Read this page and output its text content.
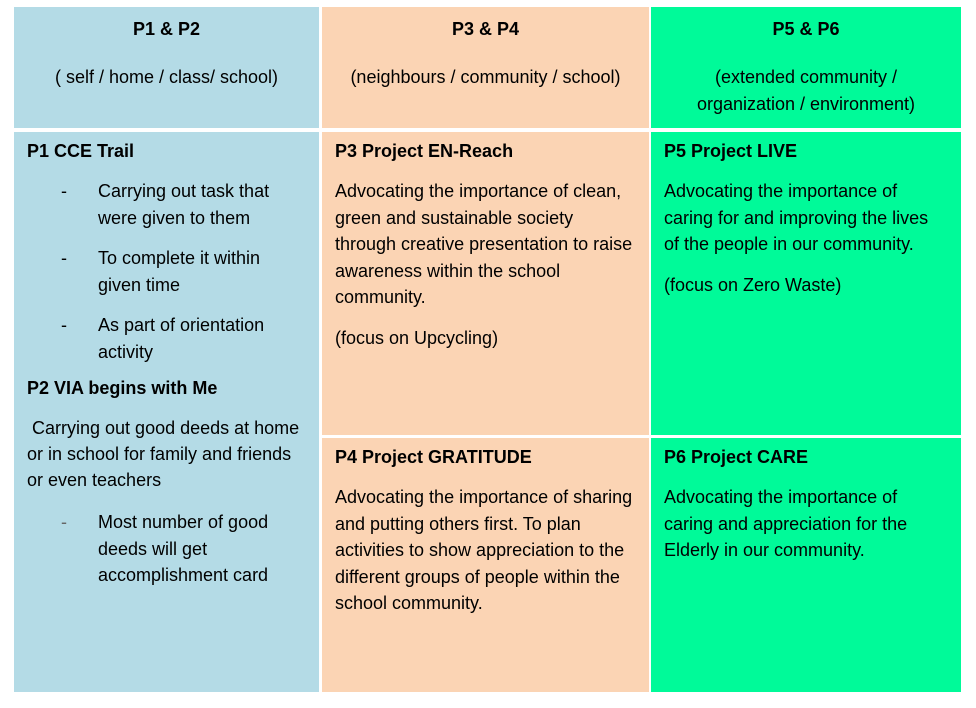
P1 & P2
( self / home / class/ school)
P3 & P4
(neighbours / community / school)
P5 & P6
(extended community /
organization / environment)
P1 CCE Trail
- Carrying out task that were given to them
- To complete it within given time
- As part of orientation activity
P2 VIA begins with Me
Carrying out good deeds at home or in school for family and friends or even teachers
- Most number of good deeds will get accomplishment card
P3 Project EN-Reach
Advocating the importance of clean, green and sustainable society through creative presentation to raise awareness within the school community.
(focus on Upcycling)
P4 Project GRATITUDE
Advocating the importance of sharing and putting others first. To plan activities to show appreciation to the different groups of people within the school community.
P5 Project LIVE
Advocating the importance of caring for and improving the lives of the people in our community.
(focus on Zero Waste)
P6 Project CARE
Advocating the importance of caring and appreciation for the Elderly in our community.
